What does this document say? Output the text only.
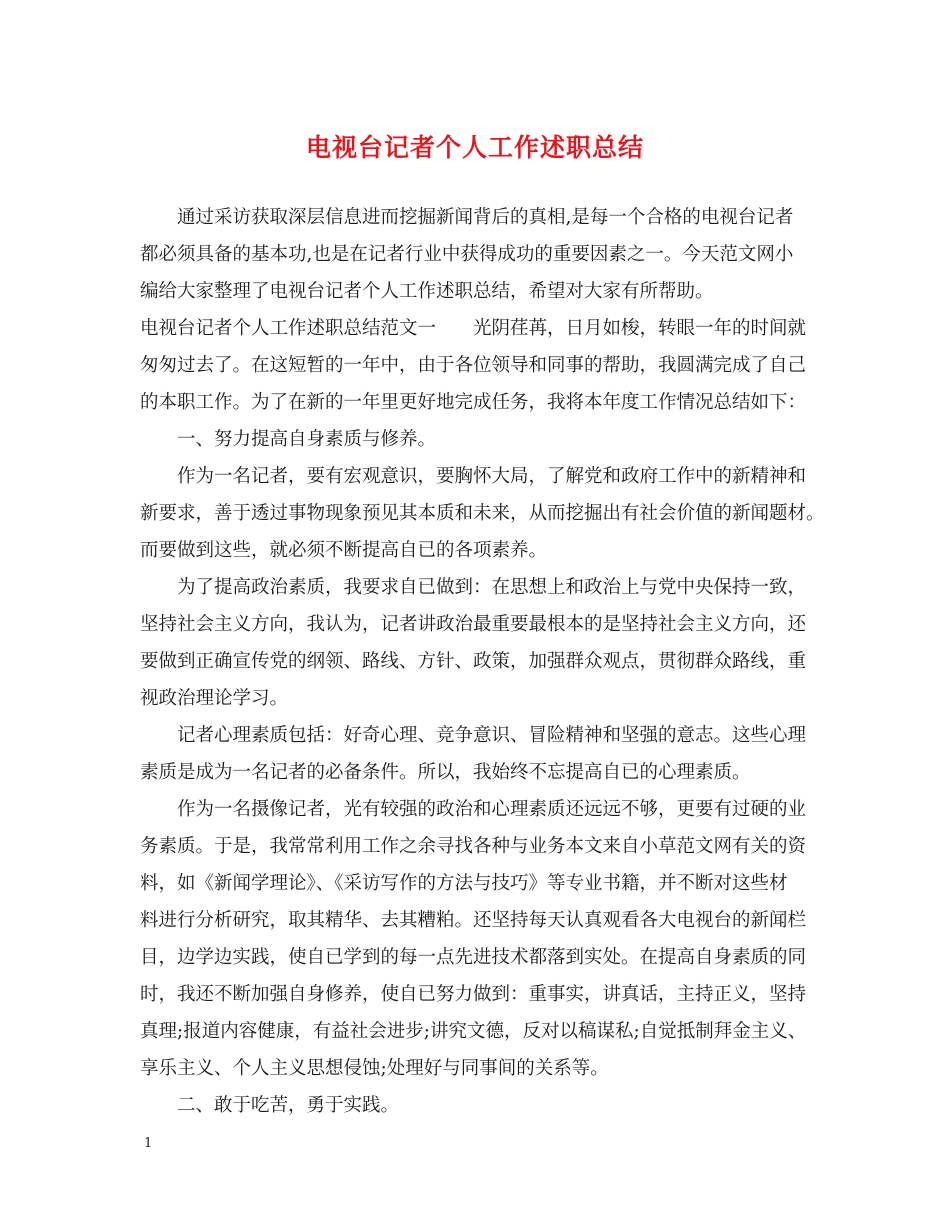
电视台记者个人工作述职总结
通过采访获取深层信息进而挖掘新闻背后的真相,是每一个合格的电视台记者
都必须具备的基本功,也是在记者行业中获得成功的重要因素之一。今天范文网小
编给大家整理了电视台记者个人工作述职总结，希望对大家有所帮助。
电视台记者个人工作述职总结范文一　　光阴荏苒，日月如梭，转眼一年的时间就
匆匆过去了。在这短暂的一年中，由于各位领导和同事的帮助，我圆满完成了自己
的本职工作。为了在新的一年里更好地完成任务，我将本年度工作情况总结如下：
一、努力提高自身素质与修养。
作为一名记者，要有宏观意识，要胸怀大局，了解党和政府工作中的新精神和
新要求，善于透过事物现象预见其本质和未来，从而挖掘出有社会价值的新闻题材。
而要做到这些，就必须不断提高自已的各项素养。
为了提高政治素质，我要求自已做到：在思想上和政治上与党中央保持一致，
坚持社会主义方向，我认为，记者讲政治最重要最根本的是坚持社会主义方向，还
要做到正确宣传党的纲领、路线、方针、政策，加强群众观点，贯彻群众路线，重
视政治理论学习。
记者心理素质包括：好奇心理、竞争意识、冒险精神和坚强的意志。这些心理
素质是成为一名记者的必备条件。所以，我始终不忘提高自已的心理素质。
作为一名摄像记者，光有较强的政治和心理素质还远远不够，更要有过硬的业
务素质。于是，我常常利用工作之余寻找各种与业务本文来自小草范文网有关的资
料，如《新闻学理论》、《采访写作的方法与技巧》等专业书籍，并不断对这些材
料进行分析研究，取其精华、去其糟粕。还坚持每天认真观看各大电视台的新闻栏
目，边学边实践，使自已学到的每一点先进技术都落到实处。在提高自身素质的同
时，我还不断加强自身修养，使自已努力做到：重事实，讲真话，主持正义，坚持
真理;报道内容健康，有益社会进步;讲究文德，反对以稿谋私;自觉抵制拜金主义、
享乐主义、个人主义思想侵蚀;处理好与同事间的关系等。
二、敢于吃苦，勇于实践。
1
